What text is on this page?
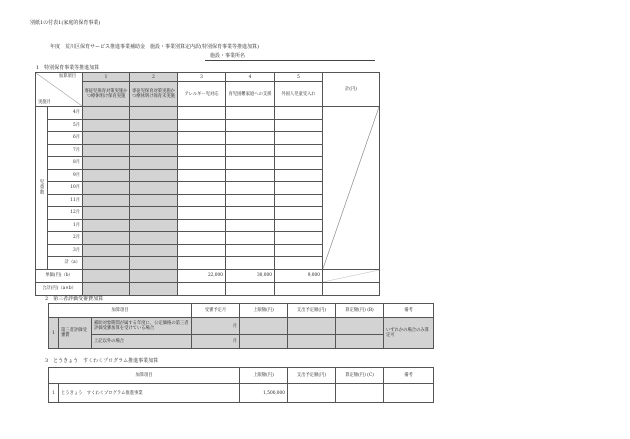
別紙1の付表1(家庭的保育事業)
年度　荒川区保育サービス推進事業補助金　施設・事業別算定内訳(特別保育事業等推進加算)
施設・事業所名
1　特別保育事業等推進加算
加算項目
実施月		1	2	3	4	5	計(円)
		専従児保育対策実施かつ療休明け保育実施	専従児保育対策実施かつ療休明け保育未実施	アレルギー児対応	育児困難家庭への支援	外国人児童受入れ	
児童数	4月						

	5月						
	6月						
	7月						
	8月						
	9月						
	10月						
	11月						
	12月						
	1月						
	2月						
	3月						
	計（a）						
単価(円)（b）				22,000	30,000	9,000	

合計(円)（a×b）							
2　第三者評価受審費加算
加算項目			受審予定月	上限額(円)	支出予定額(円)	算定額(円) (B)	備考
1	第三者評価受審費	補助対象期間が属する年度に、公定価格の第三者評価受審加算を受けている場合	月				いずれかの場合のみ算定可
		上記以外の場合	月				
3　とうきょう　すくわくプログラム推進事業加算
加算項目		上限額(円)	支出予定額(円)	算定額(円) (C)	備考
1	とうきょう　すくわくプログラム推進事業	1,500,000			
